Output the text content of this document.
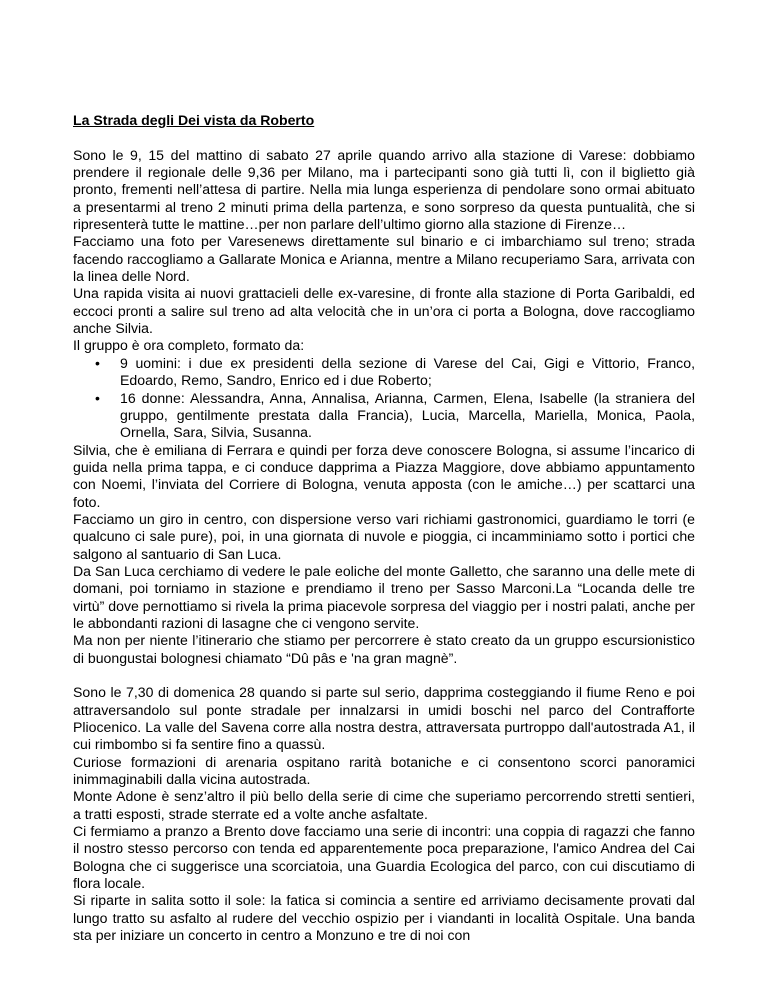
La Strada degli Dei vista da Roberto

Sono le 9, 15 del mattino di sabato 27 aprile quando arrivo alla stazione di Varese: dobbiamo prendere il regionale delle 9,36 per Milano, ma i partecipanti sono già tutti lì, con il biglietto già pronto, frementi nell’attesa di partire. Nella mia lunga esperienza di pendolare sono ormai abituato a presentarmi al treno 2 minuti prima della partenza, e sono sorpreso da questa puntualità, che si ripresenterà tutte le mattine…per non parlare dell’ultimo giorno alla stazione di Firenze…

Facciamo una foto per Varesenews direttamente sul binario e ci imbarchiamo sul treno; strada facendo raccogliamo a Gallarate Monica e Arianna, mentre a Milano recuperiamo Sara, arrivata con la linea delle Nord.

Una rapida visita ai nuovi grattacieli delle ex-varesine, di fronte alla stazione di Porta Garibaldi, ed eccoci pronti a salire sul treno ad alta velocità che in un’ora ci porta a Bologna, dove raccogliamo anche Silvia.

Il gruppo è ora completo, formato da:

• 9 uomini: i due ex presidenti della sezione di Varese del Cai, Gigi e Vittorio, Franco, Edoardo, Remo, Sandro, Enrico ed i due Roberto;
• 16 donne: Alessandra, Anna, Annalisa, Arianna, Carmen, Elena, Isabelle (la straniera del gruppo, gentilmente prestata dalla Francia), Lucia, Marcella, Mariella, Monica, Paola, Ornella, Sara, Silvia, Susanna.

Silvia, che è emiliana di Ferrara e quindi per forza deve conoscere Bologna, si assume l’incarico di guida nella prima tappa, e ci conduce dapprima a Piazza Maggiore, dove abbiamo appuntamento con Noemi, l’inviata del Corriere di Bologna, venuta apposta (con le amiche…) per scattarci una foto.

Facciamo un giro in centro, con dispersione verso vari richiami gastronomici, guardiamo le torri (e qualcuno ci sale pure), poi, in una giornata di nuvole e pioggia, ci incamminiamo sotto i portici che salgono al santuario di San Luca.

Da San Luca cerchiamo di vedere le pale eoliche del monte Galletto, che saranno una delle mete di domani, poi torniamo in stazione e prendiamo il treno per Sasso Marconi.La “Locanda delle tre virtù” dove pernottiamo si rivela la prima piacevole sorpresa del viaggio per i nostri palati, anche per le abbondanti razioni di lasagne che ci vengono servite.

Ma non per niente l’itinerario che stiamo per percorrere è stato creato da un gruppo escursionistico di buongustai bolognesi chiamato “Dû pâs e 'na gran magnè”.

Sono le 7,30 di domenica 28 quando si parte sul serio, dapprima costeggiando il fiume Reno e poi attraversandolo sul ponte stradale per innalzarsi in umidi boschi nel parco del Contrafforte Pliocenico. La valle del Savena corre alla nostra destra, attraversata purtroppo dall'autostrada A1, il cui rimbombo si fa sentire fino a quassù.

Curiose formazioni di arenaria ospitano rarità botaniche e ci consentono scorci panoramici inimmaginabili dalla vicina autostrada.

Monte Adone è senz’altro il più bello della serie di cime che superiamo percorrendo stretti sentieri, a tratti esposti, strade sterrate ed a volte anche asfaltate.

Ci fermiamo a pranzo a Brento dove facciamo una serie di incontri: una coppia di ragazzi che fanno il nostro stesso percorso con tenda ed apparentemente poca preparazione, l'amico Andrea del Cai Bologna che ci suggerisce una scorciatoia, una Guardia Ecologica del parco, con cui discutiamo di flora locale.

Si riparte in salita sotto il sole: la fatica si comincia a sentire ed arriviamo decisamente provati dal lungo tratto su asfalto al rudere del vecchio ospizio per i viandanti in località Ospitale. Una banda sta per iniziare un concerto in centro a Monzuno e tre di noi con
